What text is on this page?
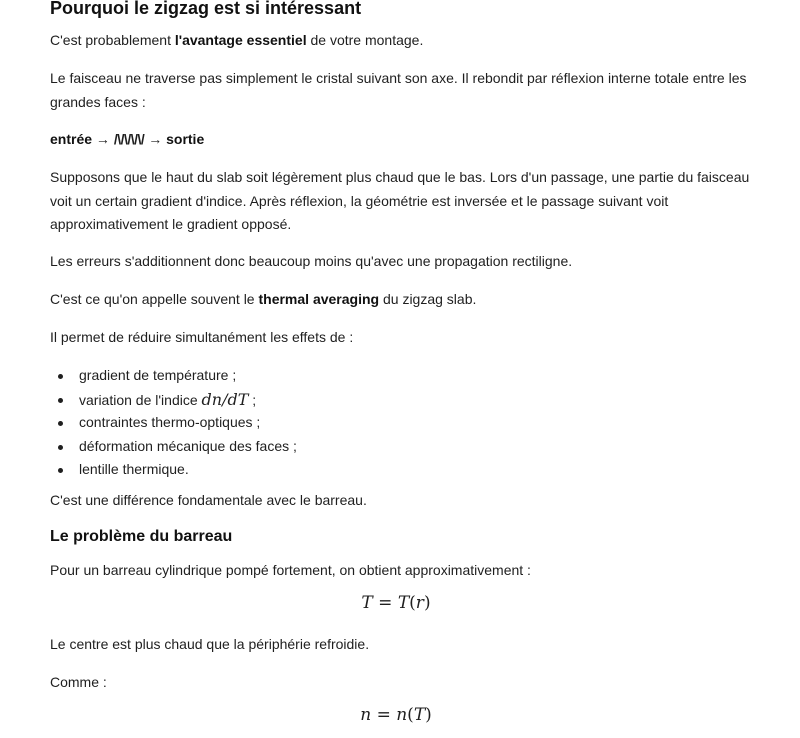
Pourquoi le zigzag est si intéressant
C'est probablement l'avantage essentiel de votre montage.
Le faisceau ne traverse pas simplement le cristal suivant son axe. Il rebondit par réflexion interne totale entre les grandes faces :
entrée → /\/\/\/\/ → sortie
Supposons que le haut du slab soit légèrement plus chaud que le bas. Lors d'un passage, une partie du faisceau voit un certain gradient d'indice. Après réflexion, la géométrie est inversée et le passage suivant voit approximativement le gradient opposé.
Les erreurs s'additionnent donc beaucoup moins qu'avec une propagation rectiligne.
C'est ce qu'on appelle souvent le thermal averaging du zigzag slab.
Il permet de réduire simultanément les effets de :
gradient de température ;
variation de l'indice dn/dT ;
contraintes thermo-optiques ;
déformation mécanique des faces ;
lentille thermique.
C'est une différence fondamentale avec le barreau.
Le problème du barreau
Pour un barreau cylindrique pompé fortement, on obtient approximativement :
T = T(r)
Le centre est plus chaud que la périphérie refroidie.
Comme :
n = n(T)
